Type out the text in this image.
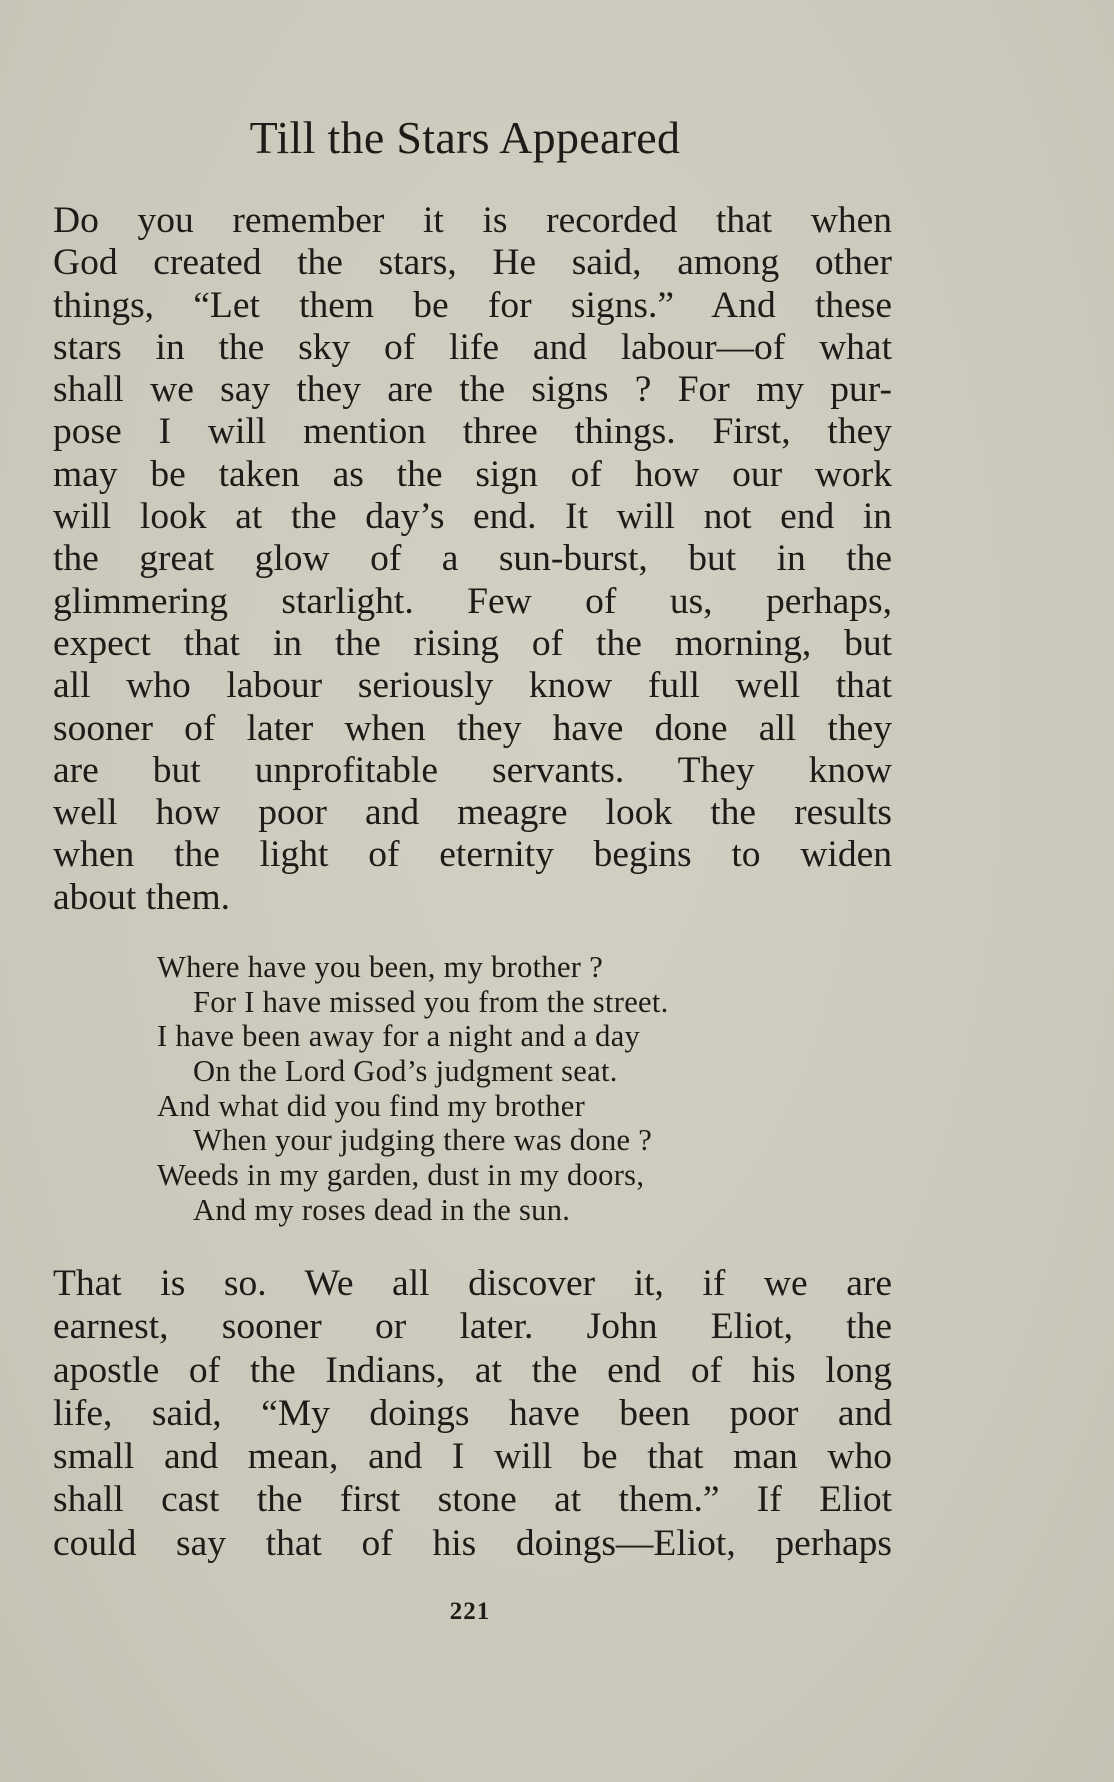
Till the Stars Appeared
Do you remember it is recorded that when
God created the stars, He said, among other
things, “Let them be for signs.” And these
stars in the sky of life and labour—of what
shall we say they are the signs ? For my pur-
pose I will mention three things. First, they
may be taken as the sign of how our work
will look at the day’s end. It will not end in
the great glow of a sun-burst, but in the
glimmering starlight. Few of us, perhaps,
expect that in the rising of the morning, but
all who labour seriously know full well that
sooner of later when they have done all they
are but unprofitable servants. They know
well how poor and meagre look the results
when the light of eternity begins to widen
about them.
Where have you been, my brother ?
For I have missed you from the street.
I have been away for a night and a day
On the Lord God’s judgment seat.
And what did you find my brother
When your judging there was done ?
Weeds in my garden, dust in my doors,
And my roses dead in the sun.
That is so. We all discover it, if we are
earnest, sooner or later. John Eliot, the
apostle of the Indians, at the end of his long
life, said, “My doings have been poor and
small and mean, and I will be that man who
shall cast the first stone at them.” If Eliot
could say that of his doings—Eliot, perhaps
221
